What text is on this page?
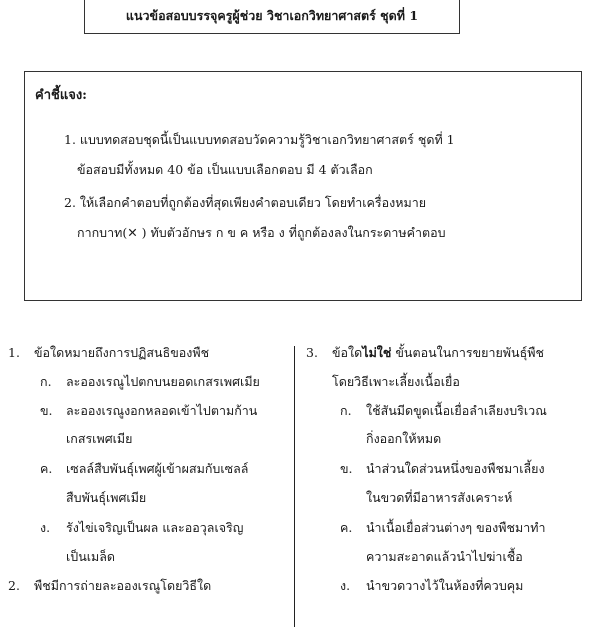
แนวข้อสอบบรรจุครูผู้ช่วย วิชาเอกวิทยาศาสตร์ ชุดที่ 1
คำชี้แจง:
1. แบบทดสอบชุดนี้เป็นแบบทดสอบวัดความรู้วิชาเอกวิทยาศาสตร์ ชุดที่ 1
ข้อสอบมีทั้งหมด 40 ข้อ เป็นแบบเลือกตอบ มี 4 ตัวเลือก
2. ให้เลือกคำตอบที่ถูกต้องที่สุดเพียงคำตอบเดียว โดยทำเครื่องหมาย
กากบาท(✕ ) ทับตัวอักษร ก ข ค หรือ ง ที่ถูกต้องลงในกระดาษคำตอบ
1. ข้อใดหมายถึงการปฏิสนธิของพืช
ก. ละอองเรณูไปตกบนยอดเกสรเพศเมีย
ข. ละอองเรณูงอกหลอดเข้าไปตามก้าน
เกสรเพศเมีย
ค. เซลล์สืบพันธุ์เพศผู้เข้าผสมกับเซลล์
สืบพันธุ์เพศเมีย
ง. รังไข่เจริญเป็นผล และออวุลเจริญ
เป็นเมล็ด
2. พืชมีการถ่ายละอองเรณูโดยวิธีใด
3. ข้อใดไม่ใช่ ขั้นตอนในการขยายพันธุ์พืช
โดยวิธีเพาะเลี้ยงเนื้อเยื่อ
ก. ใช้สันมีดขูดเนื้อเยื่อลำเลียงบริเวณ
กิ่งออกให้หมด
ข. นำส่วนใดส่วนหนึ่งของพืชมาเลี้ยง
ในขวดที่มีอาหารสังเคราะห์
ค. นำเนื้อเยื่อส่วนต่างๆ ของพืชมาทำ
ความสะอาดแล้วนำไปฆ่าเชื้อ
ง. นำขวดวางไว้ในห้องที่ควบคุม
